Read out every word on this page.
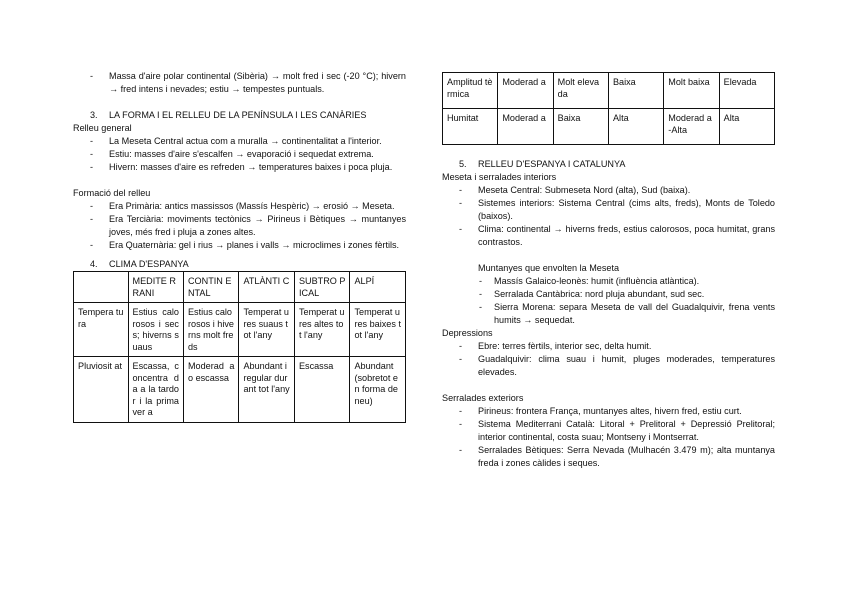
- Massa d'aire polar continental (Sibèria) → molt fred i sec (-20 °C); hivern → fred intens i nevades; estiu → tempestes puntuals.

3. LA FORMA I EL RELLEU DE LA PENÍNSULA I LES CANÀRIES

Relleu general

- La Meseta Central actua com a muralla → continentalitat a l'interior.
- Estiu: masses d'aire s'escalfen → evaporació i sequedat extrema.
- Hivern: masses d'aire es refreden → temperatures baixes i poca pluja.

Formació del relleu

- Era Primària: antics massissos (Massís Hespèric) → erosió → Meseta.
- Era Terciària: moviments tectònics → Pirineus i Bètiques → muntanyes joves, més fred i pluja a zones altes.
- Era Quaternària: gel i rius → planes i valls → microclimes i zones fèrtils.

4. CLIMA D'ESPANYA

	MEDITE RRANI	CONTIN ENTAL	ATLÀNTI C	SUBTRO PICAL	ALPÍ
Tempera tura	Estius calorosos i secs; hiverns suaus	Estius calorosos i hiverns molt freds	Temperat ures suaus tot l'any	Temperat ures altes tot l'any	Temperat ures baixes tot l'any
Pluviosit at	Escassa, concentra da a la tardor i la primaver a	Moderad a o escassa	Abundant i regular durant tot l'any	Escassa	Abundant (sobretot en forma de neu)
Amplitud tèrmica	Moderad a	Molt elevada	Baixa	Molt baixa	Elevada
Humitat	Moderad a	Baixa	Alta	Moderad a-Alta	Alta

5. RELLEU D'ESPANYA I CATALUNYA

Meseta i serralades interiors

- Meseta Central: Submeseta Nord (alta), Sud (baixa).
- Sistemes interiors: Sistema Central (cims alts, freds), Monts de Toledo (baixos).
- Clima: continental → hiverns freds, estius calorosos, poca humitat, grans contrastos.

Muntanyes que envolten la Meseta

- Massís Galaico-leonès: humit (influència atlàntica).
- Serralada Cantàbrica: nord pluja abundant, sud sec.
- Sierra Morena: separa Meseta de vall del Guadalquivir, frena vents humits → sequedat.

Depressions

- Ebre: terres fèrtils, interior sec, delta humit.
- Guadalquivir: clima suau i humit, pluges moderades, temperatures elevades.

Serralades exteriors

- Pirineus: frontera França, muntanyes altes, hivern fred, estiu curt.
- Sistema Mediterrani Català: Litoral + Prelitoral + Depressió Prelitoral; interior continental, costa suau; Montseny i Montserrat.
- Serralades Bètiques: Serra Nevada (Mulhacén 3.479 m); alta muntanya freda i zones càlides i seques.
